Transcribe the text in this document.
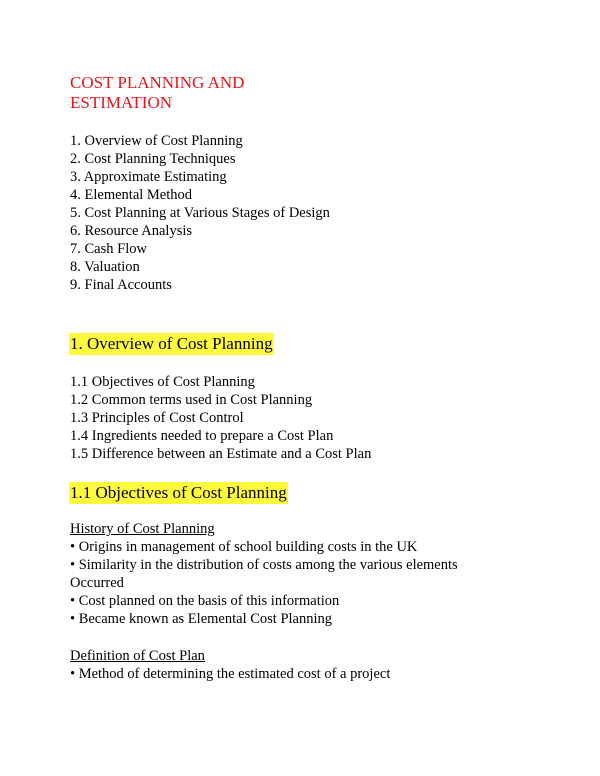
COST PLANNING AND
ESTIMATION
1. Overview of Cost Planning
2. Cost Planning Techniques
3. Approximate Estimating
4. Elemental Method
5. Cost Planning at Various Stages of Design
6. Resource Analysis
7. Cash Flow
8. Valuation
9. Final Accounts
1. Overview of Cost Planning
1.1 Objectives of Cost Planning
1.2 Common terms used in Cost Planning
1.3 Principles of Cost Control
1.4 Ingredients needed to prepare a Cost Plan
1.5 Difference between an Estimate and a Cost Plan
1.1 Objectives of Cost Planning
History of Cost Planning
• Origins in management of school building costs in the UK
• Similarity in the distribution of costs among the various elements
Occurred
• Cost planned on the basis of this information
• Became known as Elemental Cost Planning
Definition of Cost Plan
• Method of determining the estimated cost of a project
